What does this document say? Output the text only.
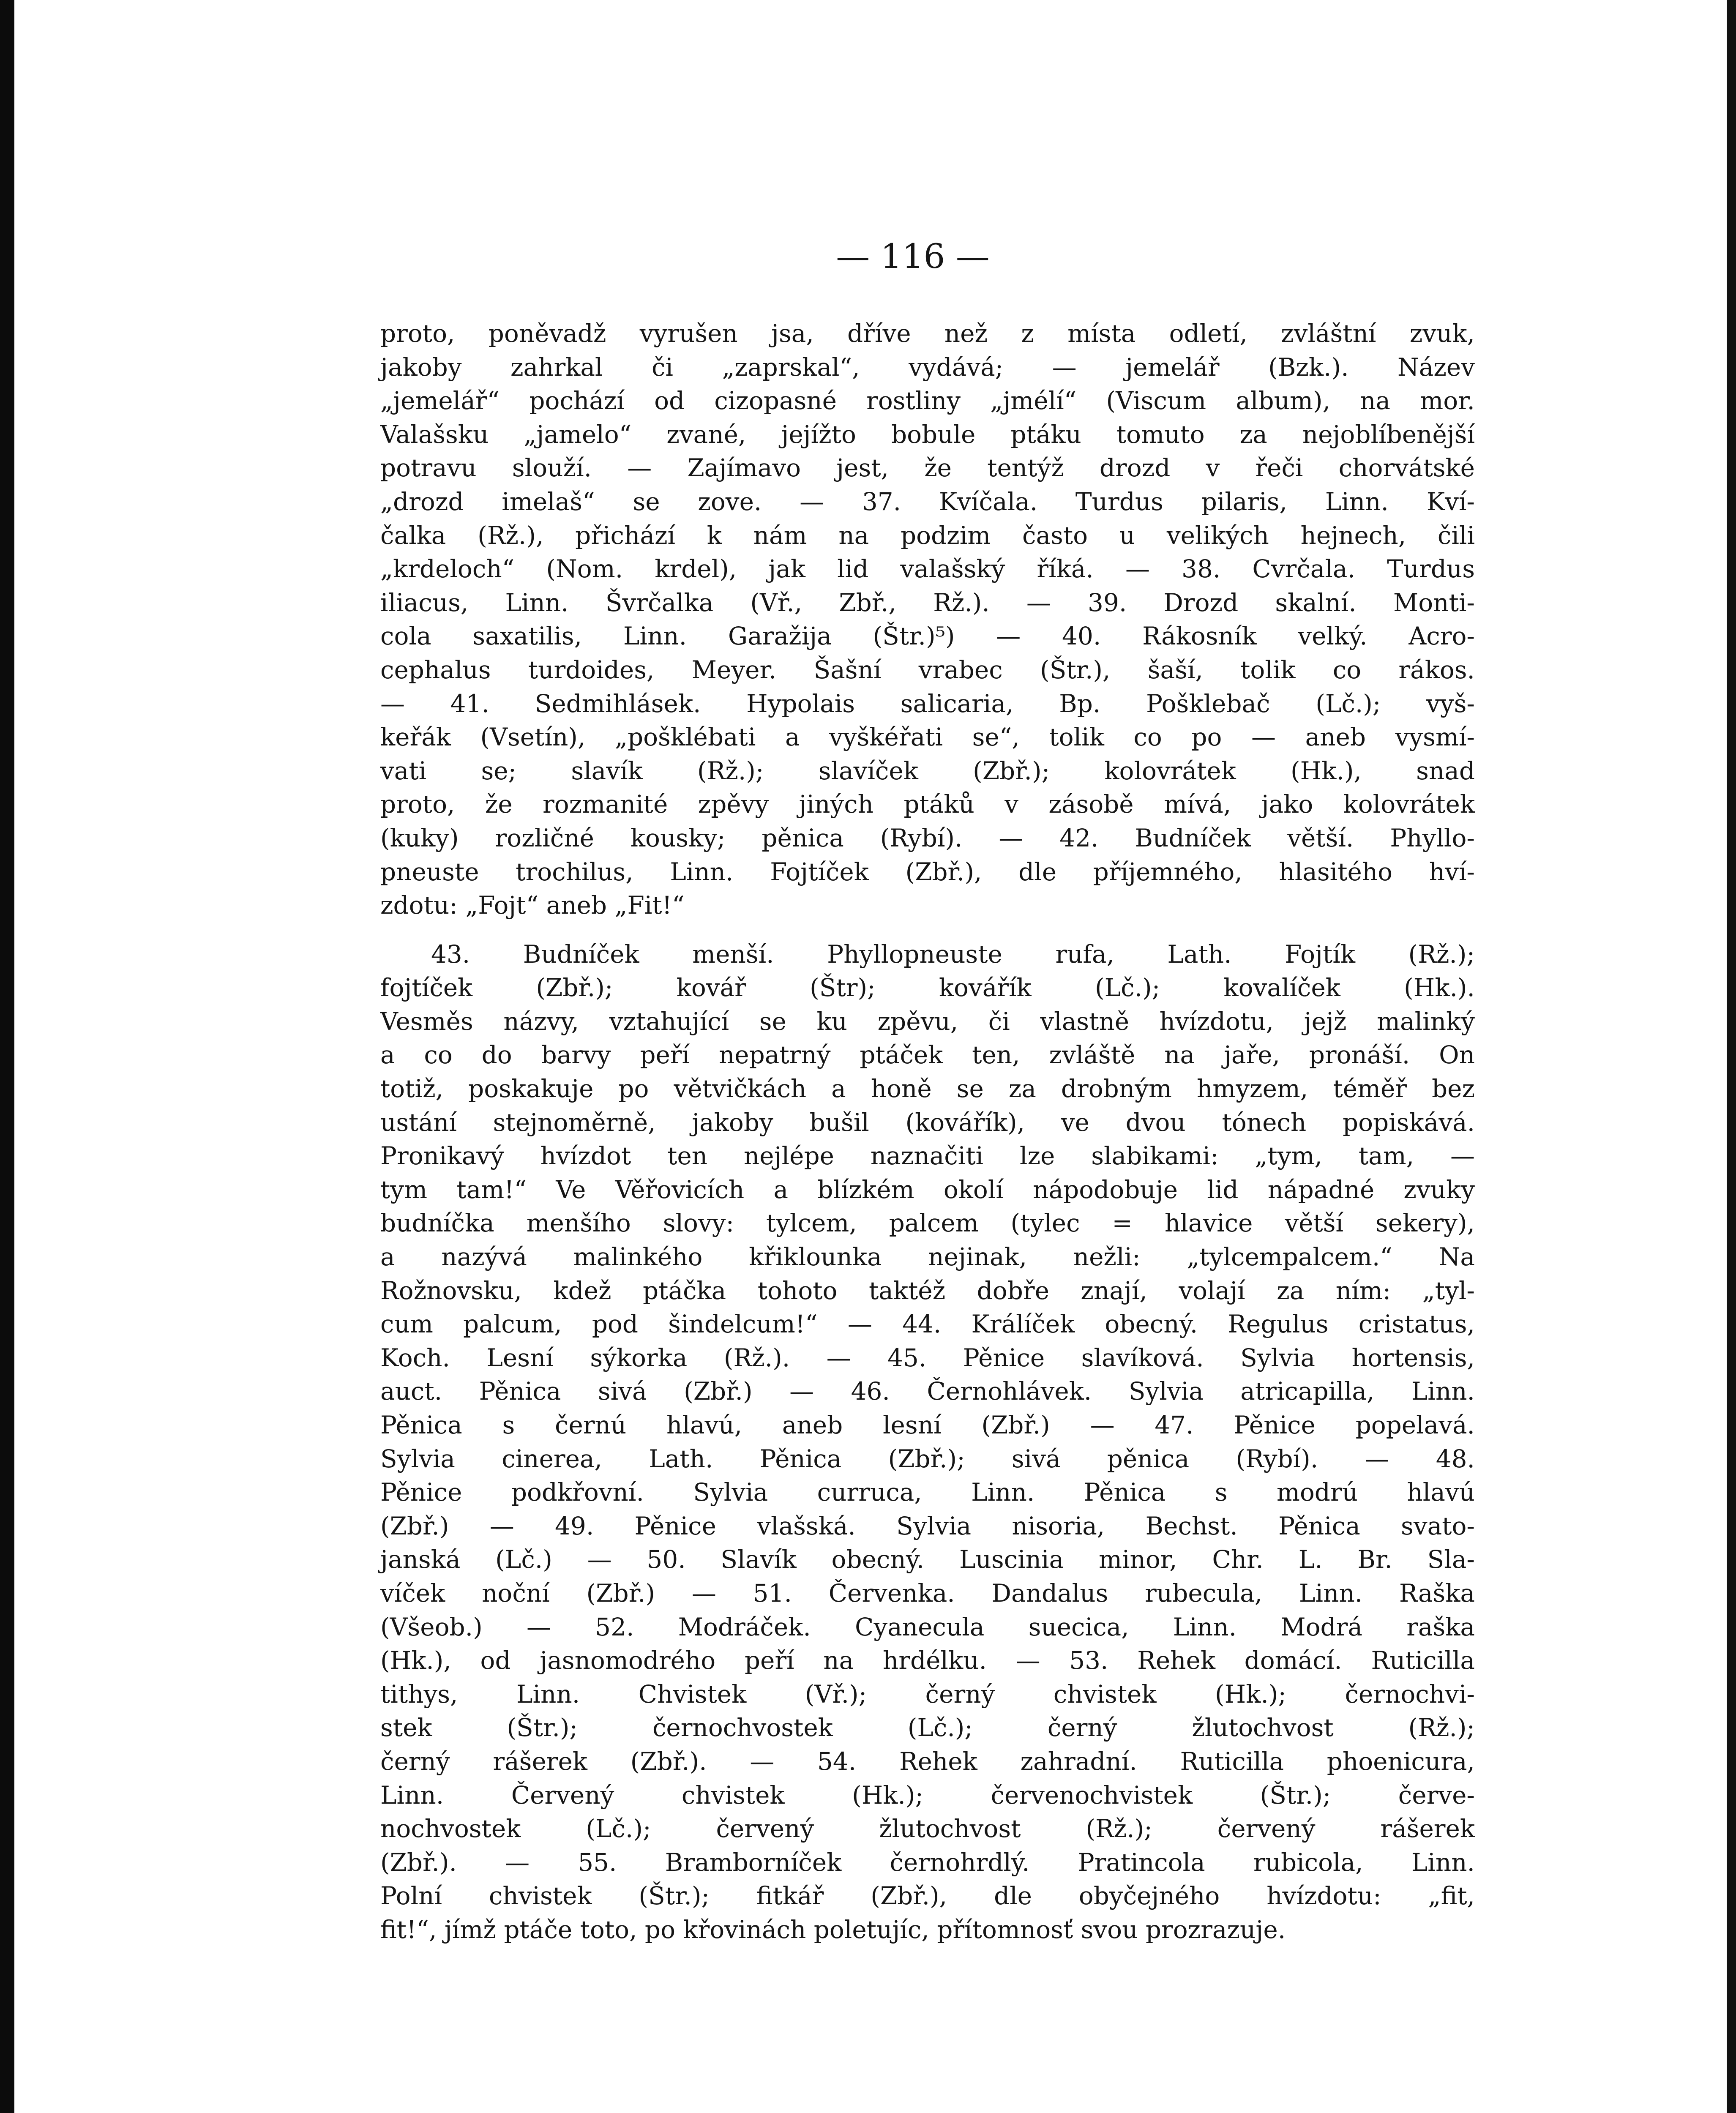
— 116 —

proto, poněvadž vyrušen jsa, dříve než z místa odletí, zvláštní zvuk,
jakoby zahrkal či „zaprskal“, vydává; — jemelář (Bzk.). Název
„jemelář“ pochází od cizopasné rostliny „jmélí“ (Viscum album), na mor.
Valašsku „jamelo“ zvané, jejížto bobule ptáku tomuto za nejoblíbenější
potravu slouží. — Zajímavo jest, že tentýž drozd v řeči chorvátské
„drozd imelaš“ se zove. — 37. Kvíčala. Turdus pilaris, Linn. Kví-
čalka (Rž.), přichází k nám na podzim často u velikých hejnech, čili
„krdeloch“ (Nom. krdel), jak lid valašský říká. — 38. Cvrčala. Turdus
iliacus, Linn. Švrčalka (Vř., Zbř., Rž.). — 39. Drozd skalní. Monti-
cola saxatilis, Linn. Garažija (Štr.)⁵) — 40. Rákosník velký. Acro-
cephalus turdoides, Meyer. Šašní vrabec (Štr.), šaší, tolik co rákos.
— 41. Sedmihlásek. Hypolais salicaria, Bp. Pošklebač (Lč.); vyš-
keřák (Vsetín), „pošklébati a vyškéřati se“, tolik co po — aneb vysmí-
vati se; slavík (Rž.); slavíček (Zbř.); kolovrátek (Hk.), snad
proto, že rozmanité zpěvy jiných ptáků v zásobě mívá, jako kolovrátek
(kuky) rozličné kousky; pěnica (Rybí). — 42. Budníček větší. Phyllo-
pneuste trochilus, Linn. Fojtíček (Zbř.), dle příjemného, hlasitého hví-
zdotu: „Fojt“ aneb „Fit!“

43. Budníček menší. Phyllopneuste rufa, Lath. Fojtík (Rž.);
fojtíček (Zbř.); kovář (Štr); kovářík (Lč.); kovalíček (Hk.).
Vesměs názvy, vztahující se ku zpěvu, či vlastně hvízdotu, jejž malinký
a co do barvy peří nepatrný ptáček ten, zvláště na jaře, pronáší. On
totiž, poskakuje po větvičkách a honě se za drobným hmyzem, téměř bez
ustání stejnoměrně, jakoby bušil (kovářík), ve dvou tónech popiskává.
Pronikavý hvízdot ten nejlépe naznačiti lze slabikami: „tym, tam, —
tym tam!“ Ve Věřovicích a blízkém okolí nápodobuje lid nápadné zvuky
budníčka menšího slovy: tylcem, palcem (tylec = hlavice větší sekery),
a nazývá malinkého křiklounka nejinak, nežli: „tylcempalcem.“ Na
Rožnovsku, kdež ptáčka tohoto taktéž dobře znají, volají za ním: „tyl-
cum palcum, pod šindelcum!“ — 44. Králíček obecný. Regulus cristatus,
Koch. Lesní sýkorka (Rž.). — 45. Pěnice slavíková. Sylvia hortensis,
auct. Pěnica sivá (Zbř.) — 46. Černohlávek. Sylvia atricapilla, Linn.
Pěnica s černú hlavú, aneb lesní (Zbř.) — 47. Pěnice popelavá.
Sylvia cinerea, Lath. Pěnica (Zbř.); sivá pěnica (Rybí). — 48.
Pěnice podkřovní. Sylvia curruca, Linn. Pěnica s modrú hlavú
(Zbř.) — 49. Pěnice vlašská. Sylvia nisoria, Bechst. Pěnica svato-
janská (Lč.) — 50. Slavík obecný. Luscinia minor, Chr. L. Br. Sla-
víček noční (Zbř.) — 51. Červenka. Dandalus rubecula, Linn. Raška
(Všeob.) — 52. Modráček. Cyanecula suecica, Linn. Modrá raška
(Hk.), od jasnomodrého peří na hrdélku. — 53. Rehek domácí. Ruticilla
tithys, Linn. Chvistek (Vř.); černý chvistek (Hk.); černochvi-
stek (Štr.); černochvostek (Lč.); černý žlutochvost (Rž.);
černý rášerek (Zbř.). — 54. Rehek zahradní. Ruticilla phoenicura,
Linn. Červený chvistek (Hk.); červenochvistek (Štr.); červe-
nochvostek (Lč.); červený žlutochvost (Rž.); červený rášerek
(Zbř.). — 55. Bramborníček černohrdlý. Pratincola rubicola, Linn.
Polní chvistek (Štr.); fitkář (Zbř.), dle obyčejného hvízdotu: „fit,
fit!“, jímž ptáče toto, po křovinách poletujíc, přítomnosť svou prozrazuje.
